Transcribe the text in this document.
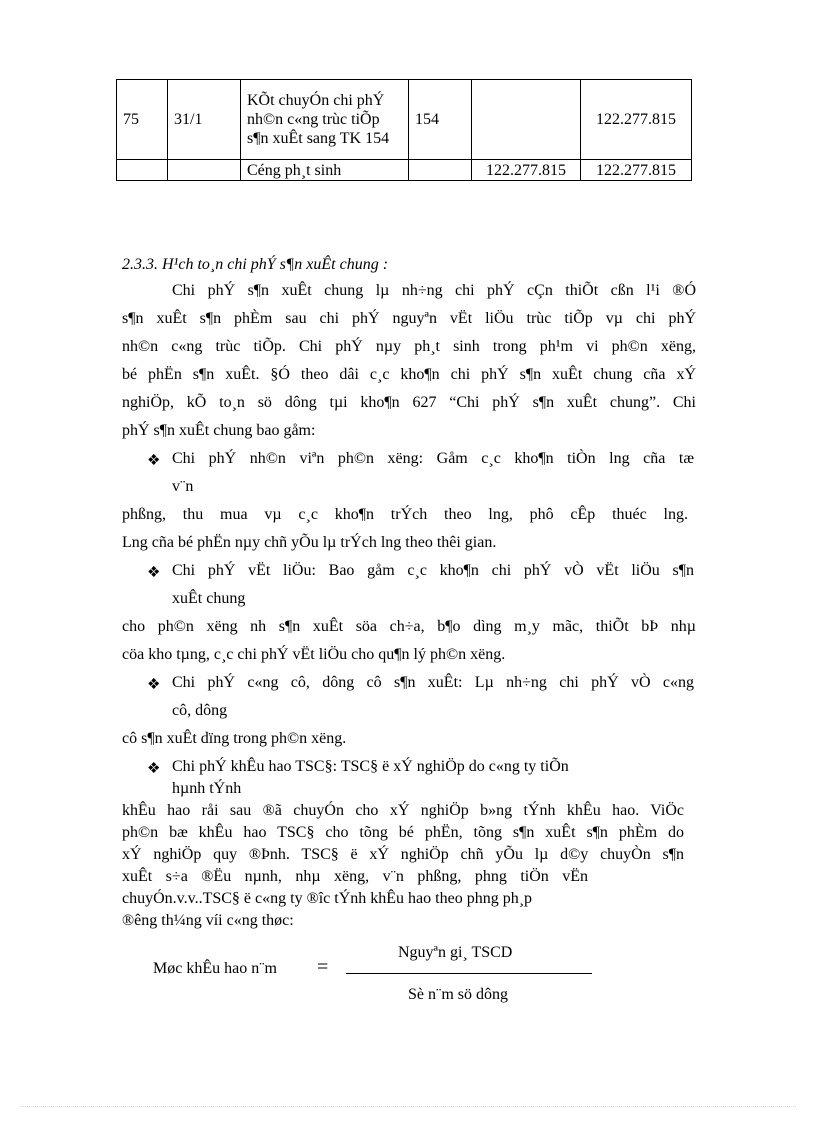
75	31/1	KÕt chuyÓn chi phÝ nh©n c«ng trùc tiÕp s¶n xuÊt sang TK 154	154		122.277.815
		Céng ph¸t sinh		122.277.815	122.277.815
2.3.3. H¹ch to¸n chi phÝ s¶n xuÊt chung :
Chi phÝ s¶n xuÊt chung lµ nh÷ng chi phÝ cÇn thiÕt cßn l¹i ®Ó
s¶n xuÊt s¶n phÈm sau chi phÝ nguyªn vËt liÖu trùc tiÕp vµ chi phÝ
nh©n c«ng trùc tiÕp. Chi phÝ nµy ph¸t sinh trong ph¹m vi ph©n xëng,
bé phËn s¶n xuÊt. §Ó theo dâi c¸c kho¶n chi phÝ s¶n xuÊt chung cña xÝ
nghiÖp, kÕ to¸n sö dông tµi kho¶n 627 “Chi phÝ s¶n xuÊt chung”. Chi
phÝ s¶n xuÊt chung bao gåm:
❖ Chi phÝ nh©n viªn ph©n xëng: Gåm c¸c kho¶n tiÒn lng cña tæ
v¨n
phßng, thu mua vµ c¸c kho¶n trÝch theo lng, phô cÊp thuéc lng.
Lng cña bé phËn nµy chñ yÕu lµ trÝch lng theo thêi gian.
❖ Chi phÝ vËt liÖu: Bao gåm c¸c kho¶n chi phÝ vÒ vËt liÖu s¶n
xuÊt chung
cho ph©n xëng nh s¶n xuÊt söa ch÷a, b¶o dìng m¸y mãc, thiÕt bÞ nhµ
cöa kho tµng, c¸c chi phÝ vËt liÖu cho qu¶n lý ph©n xëng.
❖ Chi phÝ c«ng cô, dông cô s¶n xuÊt: Lµ nh÷ng chi phÝ vÒ c«ng
cô, dông
cô s¶n xuÊt dïng trong ph©n xëng.
❖ Chi phÝ khÊu hao TSC§: TSC§ ë xÝ nghiÖp do c«ng ty tiÕn
hµnh tÝnh
khÊu hao råi sau ®ã chuyÓn cho xÝ nghiÖp b»ng tÝnh khÊu hao. ViÖc
ph©n bæ khÊu hao TSC§ cho tõng bé phËn, tõng s¶n xuÊt s¶n phÈm do
xÝ nghiÖp quy ®Þnh. TSC§ ë xÝ nghiÖp chñ yÕu lµ d©y chuyÒn s¶n
xuÊt s÷a ®Ëu nµnh, nhµ xëng, v¨n phßng, phng tiÖn vËn
chuyÓn.v.v..TSC§ ë c«ng ty ®îc tÝnh khÊu hao theo phng ph¸p
®êng th¼ng víi c«ng thøc:
Møc khÊu hao n¨m =
Nguyªn gi¸ TSCD
Sè n¨m sö dông
